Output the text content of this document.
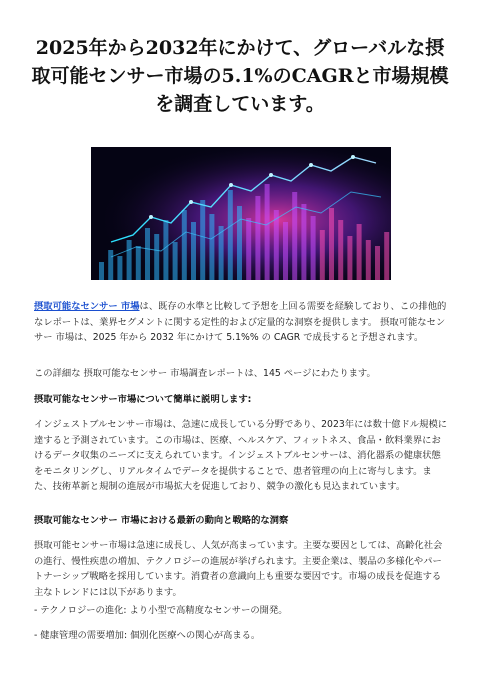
2025年から2032年にかけて、グローバルな摂取可能センサー市場の5.1%のCAGRと市場規模を調査しています。

摂取可能なセンサー 市場は、既存の水準と比較して予想を上回る需要を経験しており、この排他的なレポートは、業界セグメントに関する定性的および定量的な洞察を提供します。 摂取可能なセンサー 市場は、2025 年から 2032 年にかけて 5.1%% の CAGR で成長すると予想されます。

この詳細な 摂取可能なセンサー 市場調査レポートは、145 ページにわたります。

摂取可能なセンサー市場について簡単に説明します:

インジェストブルセンサー市場は、急速に成長している分野であり、2023年には数十億ドル規模に達すると予測されています。この市場は、医療、ヘルスケア、フィットネス、食品・飲料業界におけるデータ収集のニーズに支えられています。インジェストブルセンサーは、消化器系の健康状態をモニタリングし、リアルタイムでデータを提供することで、患者管理の向上に寄与します。また、技術革新と規制の進展が市場拡大を促進しており、競争の激化も見込まれています。

摂取可能なセンサー 市場における最新の動向と戦略的な洞察

摂取可能センサー市場は急速に成長し、人気が高まっています。主要な要因としては、高齢化社会の進行、慢性疾患の増加、テクノロジーの進展が挙げられます。主要企業は、製品の多様化やパートナーシップ戦略を採用しています。消費者の意識向上も重要な要因です。市場の成長を促進する主なトレンドには以下があります。

- テクノロジーの進化: より小型で高精度なセンサーの開発。

- 健康管理の需要増加: 個別化医療への関心が高まる。
